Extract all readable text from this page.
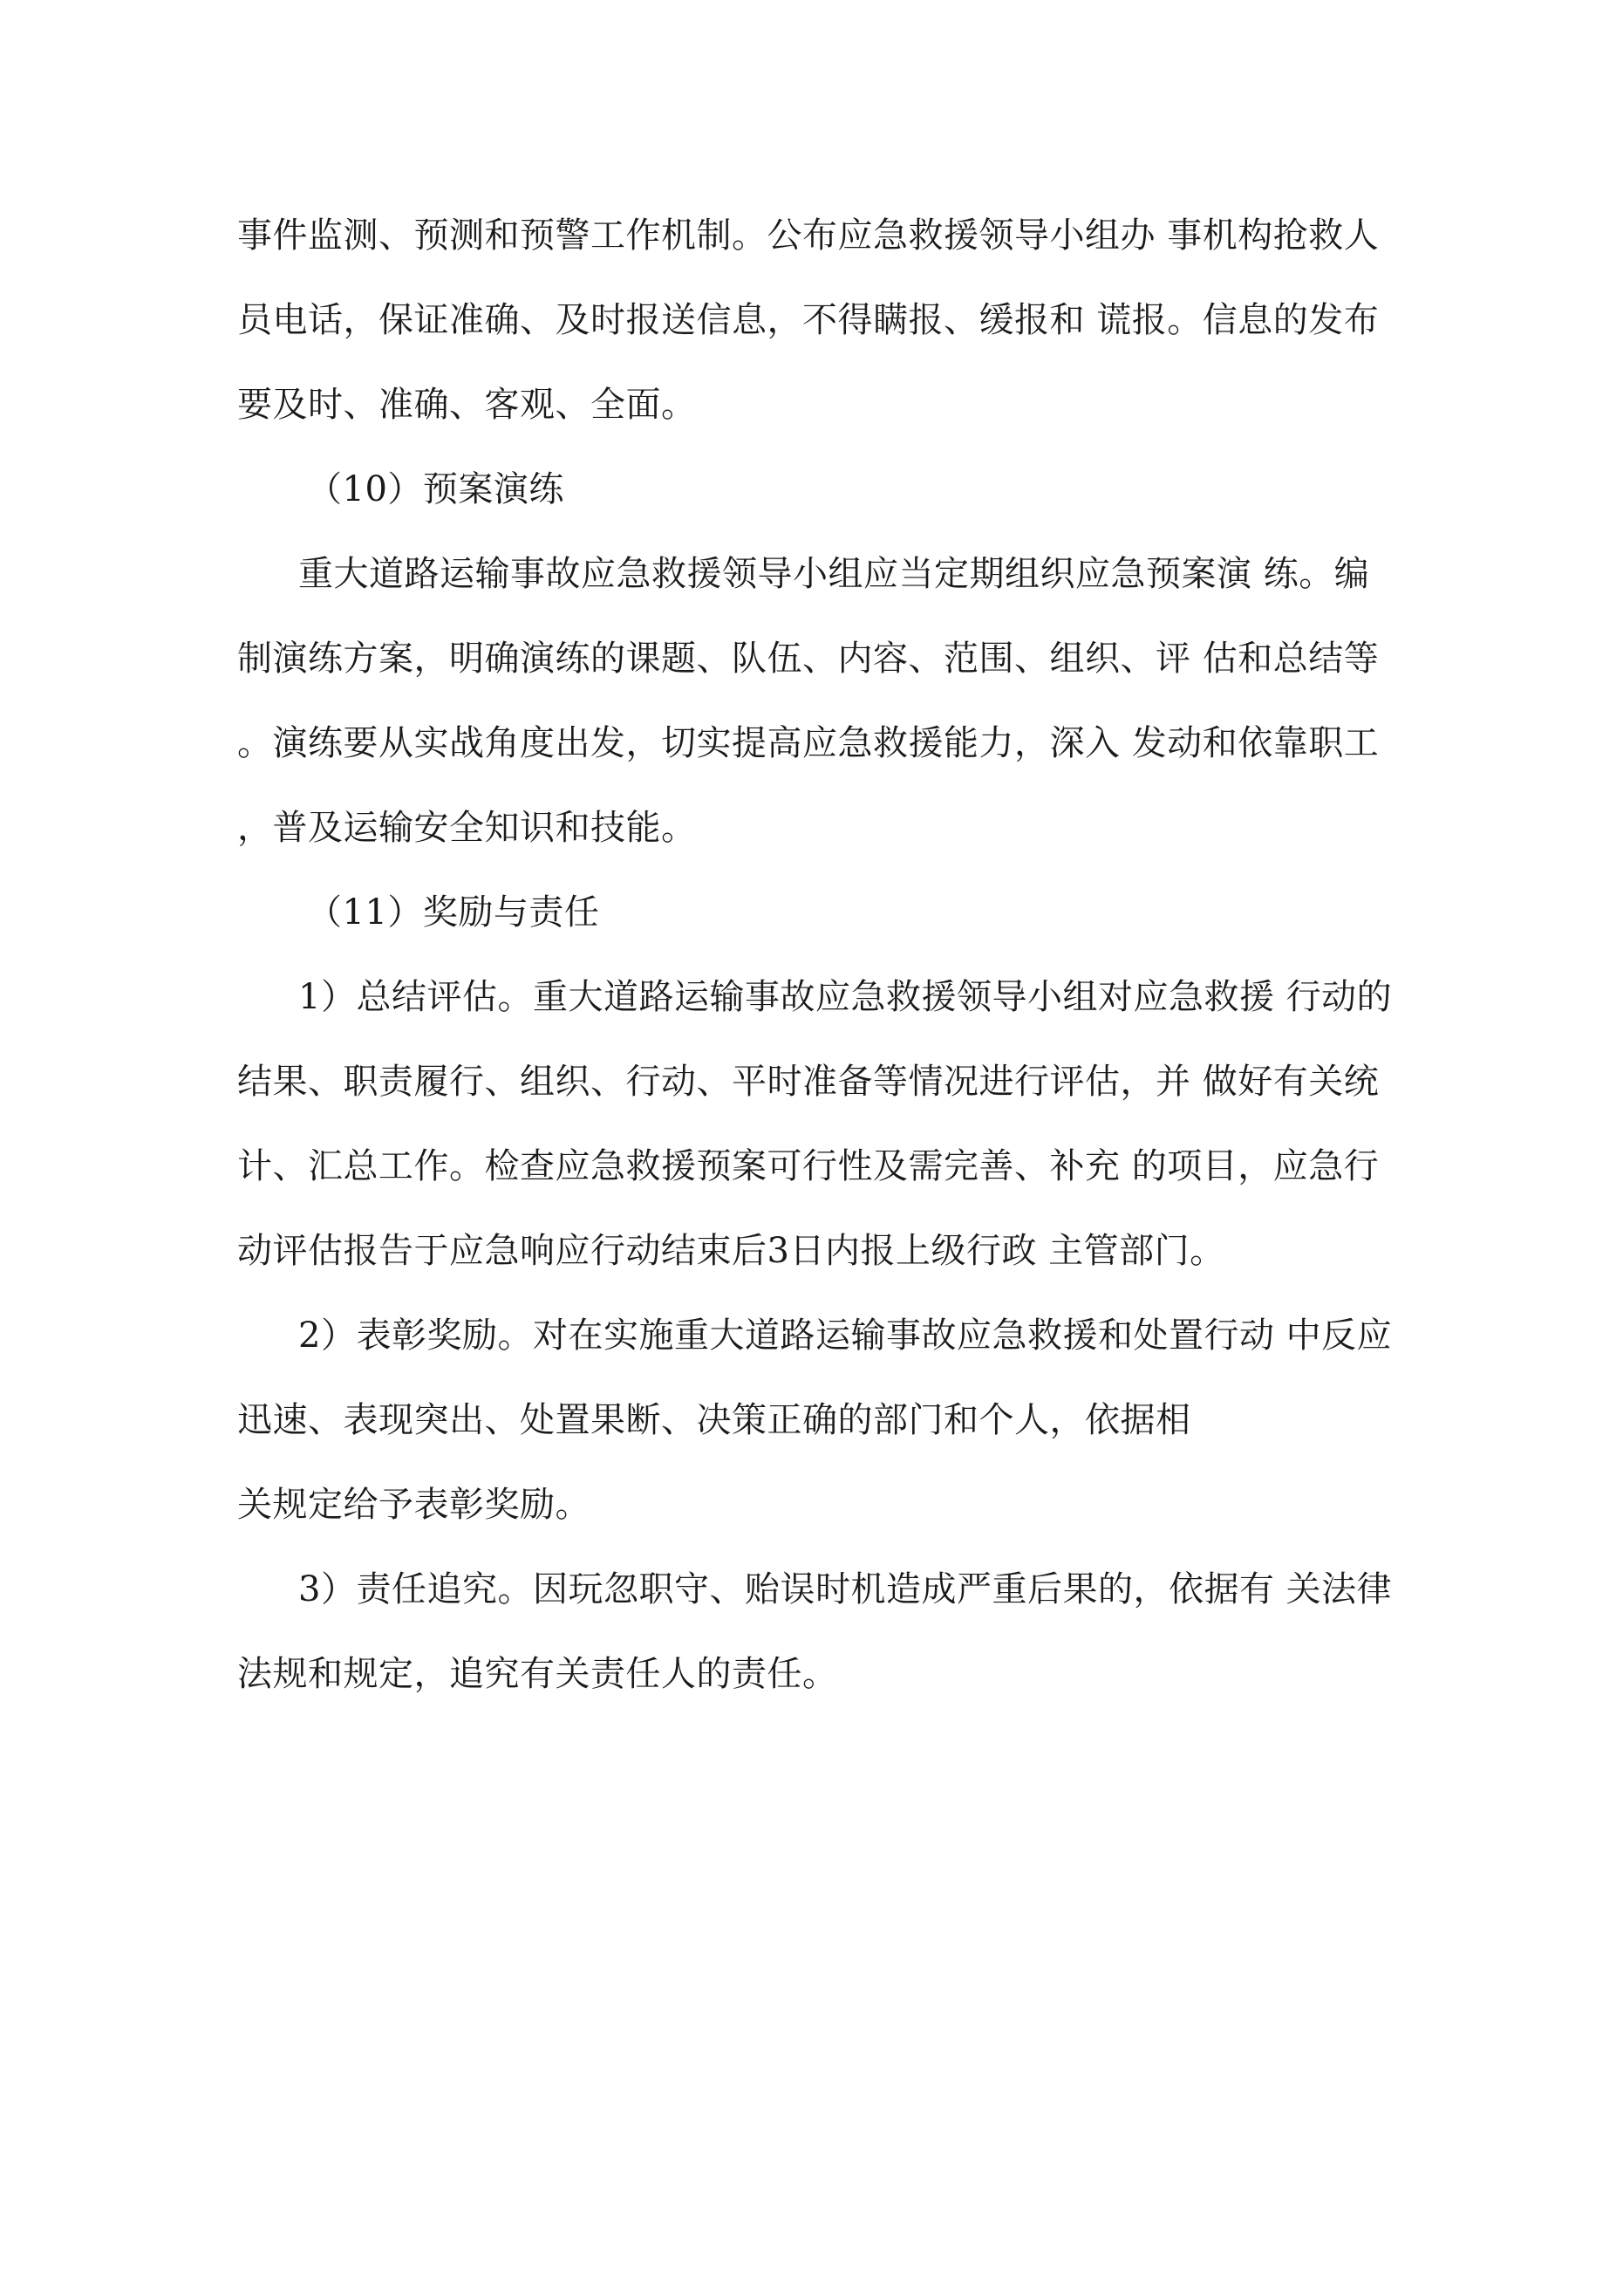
事件监测、预测和预警工作机制。公布应急救援领导小组办 事机构抢救人
员电话，保证准确、及时报送信息，不得瞒报、缓报和 谎报。信息的发布
要及时、准确、客观、全面。
（10）预案演练
重大道路运输事故应急救援领导小组应当定期组织应急预案演 练。编
制演练方案，明确演练的课题、队伍、内容、范围、组织、评 估和总结等
。演练要从实战角度出发，切实提高应急救援能力，深入 发动和依靠职工
，普及运输安全知识和技能。
（11）奖励与责任
1）总结评估。重大道路运输事故应急救援领导小组对应急救援 行动的
结果、职责履行、组织、行动、平时准备等情况进行评估，并 做好有关统
计、汇总工作。检查应急救援预案可行性及需完善、补充 的项目，应急行
动评估报告于应急响应行动结束后3日内报上级行政 主管部门。
2）表彰奖励。对在实施重大道路运输事故应急救援和处置行动 中反应
迅速、表现突出、处置果断、决策正确的部门和个人，依据相
关规定给予表彰奖励。
3）责任追究。因玩忽职守、贻误时机造成严重后果的，依据有 关法律
法规和规定，追究有关责任人的责任。
